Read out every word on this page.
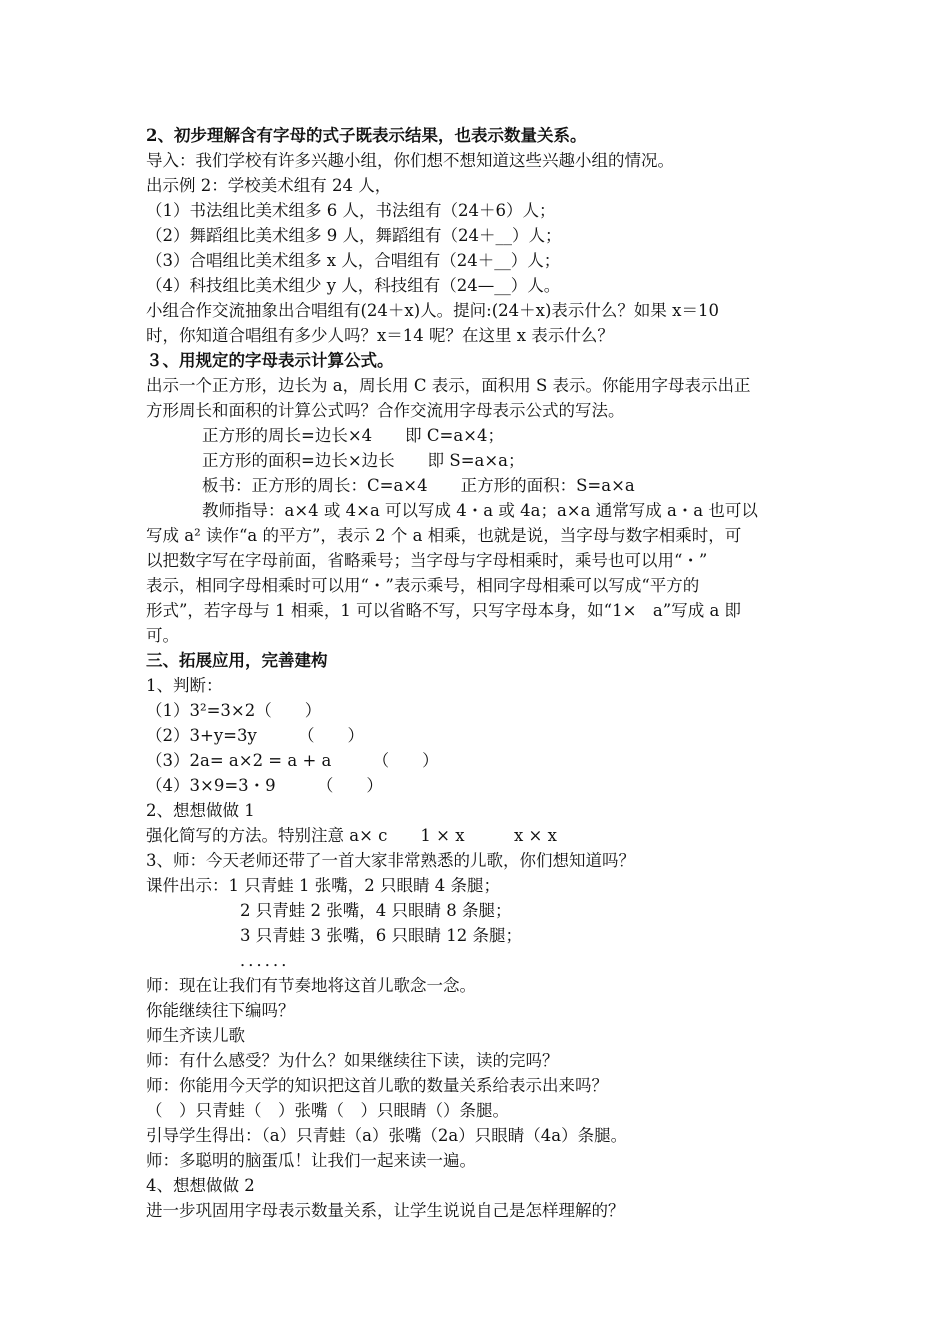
2、初步理解含有字母的式子既表示结果，也表示数量关系。
导入：我们学校有许多兴趣小组，你们想不想知道这些兴趣小组的情况。
出示例 2：学校美术组有 24 人，
（1）书法组比美术组多 6 人，书法组有（24＋6）人；
（2）舞蹈组比美术组多 9 人，舞蹈组有（24＋__）人；
（3）合唱组比美术组多 x 人，合唱组有（24＋__）人；
（4）科技组比美术组少 y 人，科技组有（24—__）人。
小组合作交流抽象出合唱组有(24＋x)人。提问:(24＋x)表示什么？如果 x＝10
时，你知道合唱组有多少人吗？x＝14 呢？在这里 x 表示什么？
３、用规定的字母表示计算公式。
出示一个正方形，边长为 a，周长用 C 表示，面积用 S 表示。你能用字母表示出正
方形周长和面积的计算公式吗？合作交流用字母表示公式的写法。
正方形的周长=边长×4　　即 C=a×4；
正方形的面积=边长×边长　　即 S=a×a；
板书：正方形的周长：C=a×4　　正方形的面积：S=a×a
教师指导：a×4 或 4×a 可以写成 4・a 或 4a；a×a 通常写成 a・a 也可以
写成 a² 读作“a 的平方”，表示 2 个 a 相乘，也就是说，当字母与数字相乘时，可
以把数字写在字母前面，省略乘号；当字母与字母相乘时，乘号也可以用“・”
表示，相同字母相乘时可以用“・”表示乘号，相同字母相乘可以写成“平方的
形式”，若字母与 1 相乘，1 可以省略不写，只写字母本身，如“1×　a”写成 a 即
可。
三、拓展应用，完善建构
1、判断：
（1）3²=3×2（　　）
（2）3+y=3y　　　（　　）
（3）2a= a×2 = a + a　　　（　　）
（4）3×9=3・9　　　（　　）
2、想想做做 1
强化简写的方法。特别注意 a× c　　1 × x　　　x × x
3、师：今天老师还带了一首大家非常熟悉的儿歌，你们想知道吗？
课件出示：1 只青蛙 1 张嘴，2 只眼睛 4 条腿；
2 只青蛙 2 张嘴，4 只眼睛 8 条腿；
3 只青蛙 3 张嘴，6 只眼睛 12 条腿；
．．．．．．
师：现在让我们有节奏地将这首儿歌念一念。
你能继续往下编吗？
师生齐读儿歌
师：有什么感受？为什么？如果继续往下读，读的完吗？
师：你能用今天学的知识把这首儿歌的数量关系给表示出来吗？
（　）只青蛙（　）张嘴（　）只眼睛（）条腿。
引导学生得出：（a）只青蛙（a）张嘴（2a）只眼睛（4a）条腿。
师：多聪明的脑蛋瓜！让我们一起来读一遍。
4、想想做做 2
进一步巩固用字母表示数量关系，让学生说说自己是怎样理解的？
